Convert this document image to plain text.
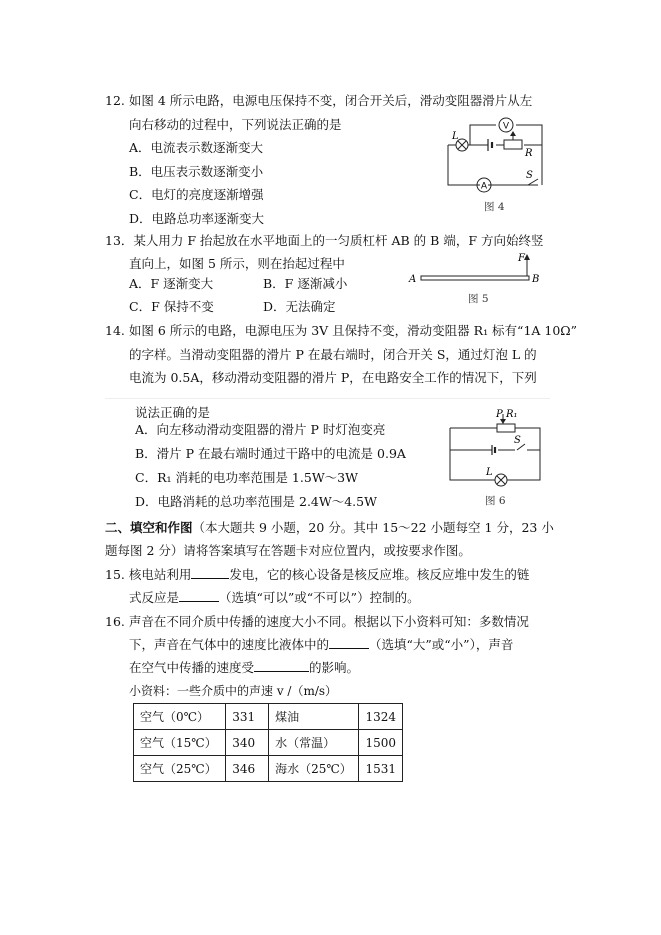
12. 如图 4 所示电路，电源电压保持不变，闭合开关后，滑动变阻器滑片从左
向右移动的过程中，下列说法正确的是
A．电流表示数逐渐变大
B．电压表示数逐渐变小
C．电灯的亮度逐渐增强
D．电路总功率逐渐变大
V
A
L
R
S
图 4
13．某人用力 F 抬起放在水平地面上的一匀质杠杆 AB 的 B 端，F 方向始终竖
直向上，如图 5 所示，则在抬起过程中
A．F 逐渐变大	B．F 逐渐减小
C．F 保持不变	D．无法确定
A	B
F
图 5
14. 如图 6 所示的电路，电源电压为 3V 且保持不变，滑动变阻器 R₁ 标有“1A 10Ω”
的字样。当滑动变阻器的滑片 P 在最右端时，闭合开关 S，通过灯泡 L 的
电流为 0.5A，移动滑动变阻器的滑片 P，在电路安全工作的情况下，下列
说法正确的是
A．向左移动滑动变阻器的滑片 P 时灯泡变亮
B．滑片 P 在最右端时通过干路中的电流是 0.9A
C．R₁ 消耗的电功率范围是 1.5W～3W
D．电路消耗的总功率范围是 2.4W～4.5W
P R₁
S
L
图 6
二、填空和作图（本大题共 9 小题，20 分。其中 15～22 小题每空 1 分，23 小
题每图 2 分）请将答案填写在答题卡对应位置内，或按要求作图。
15. 核电站利用	发电，它的核心设备是核反应堆。核反应堆中发生的链
式反应是	（选填“可以”或“不可以”）控制的。
16. 声音在不同介质中传播的速度大小不同。根据以下小资料可知：多数情况
下，声音在气体中的速度比液体中的	（选填“大”或“小”），声音
在空气中传播的速度受	的影响。
小资料：一些介质中的声速 v /（m/s）
空气（0℃）	331	煤油	1324
空气（15℃）	340	水（常温）	1500
空气（25℃）	346	海水（25℃）	1531
